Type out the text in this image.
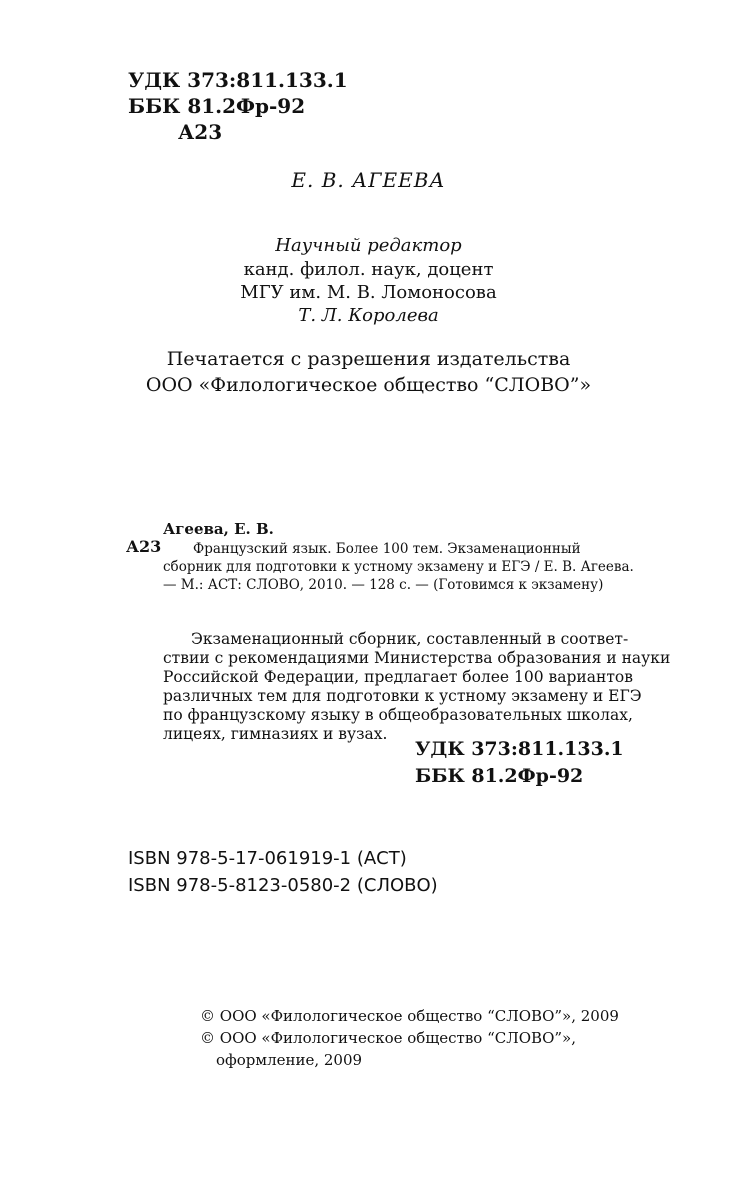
УДК 373:811.133.1
ББК 81.2Фр-92
А23
Е. В. АГЕЕВА
Научный редактор
канд. филол. наук, доцент
МГУ им. М. В. Ломоносова
Т. Л. Королева
Печатается с разрешения издательства
ООО «Филологическое общество “СЛОВО”»
Агеева, Е. В.
А23	Французский язык. Более 100 тем. Экзаменационный
сборник для подготовки к устному экзамену и ЕГЭ / Е. В. Агеева.
— М.: АСТ: СЛОВО, 2010. — 128 с. — (Готовимся к экзамену)
Экзаменационный сборник, составленный в соответ-
ствии с рекомендациями Министерства образования и науки
Российской Федерации, предлагает более 100 вариантов
различных тем для подготовки к устному экзамену и ЕГЭ
по французскому языку в общеобразовательных школах,
лицеях, гимназиях и вузах.
УДК 373:811.133.1
ББК 81.2Фр-92
ISBN 978-5-17-061919-1 (АСТ)
ISBN 978-5-8123-0580-2 (СЛОВО)
© ООО «Филологическое общество “СЛОВО”», 2009
© ООО «Филологическое общество “СЛОВО”»,
оформление, 2009
